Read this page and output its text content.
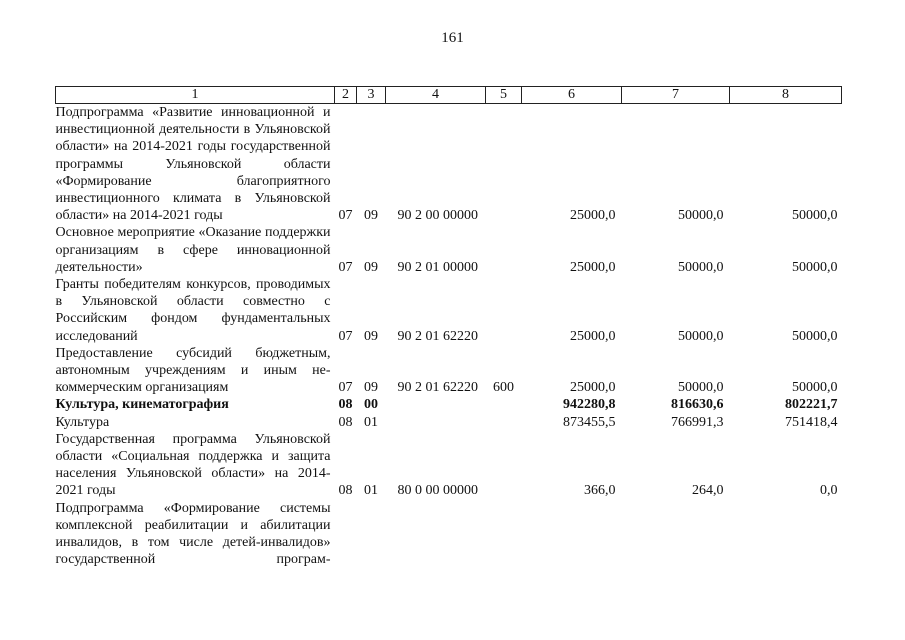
161
1	2	3	4	5	6	7	8
Подпрограмма «Развитие инновационной и инвестиционной деятельности в Ульяновской области» на 2014-2021 годы государственной программы Ульяновской области «Формирование благоприятного инвестиционного климата в Ульяновской области» на 2014-2021 годы	07	09	90 2 00 00000		25000,0	50000,0	50000,0
Основное мероприятие «Оказание поддержки организациям в сфере инновационной деятельности»	07	09	90 2 01 00000		25000,0	50000,0	50000,0
Гранты победителям конкурсов, проводимых в Ульяновской области совместно с Российским фондом фундаментальных исследований	07	09	90 2 01 62220		25000,0	50000,0	50000,0
Предоставление субсидий бюджетным, автономным учреждениям и иным некоммерческим организациям	07	09	90 2 01 62220	600	25000,0	50000,0	50000,0
Культура, кинематография	08	00			942280,8	816630,6	802221,7
Культура	08	01			873455,5	766991,3	751418,4
Государственная программа Ульяновской области «Социальная поддержка и защита населения Ульяновской области» на 2014-2021 годы	08	01	80 0 00 00000		366,0	264,0	0,0
Подпрограмма «Формирование системы комплексной реабилитации и абилитации инвалидов, в том числе детей-инвалидов» государственной програм-							
